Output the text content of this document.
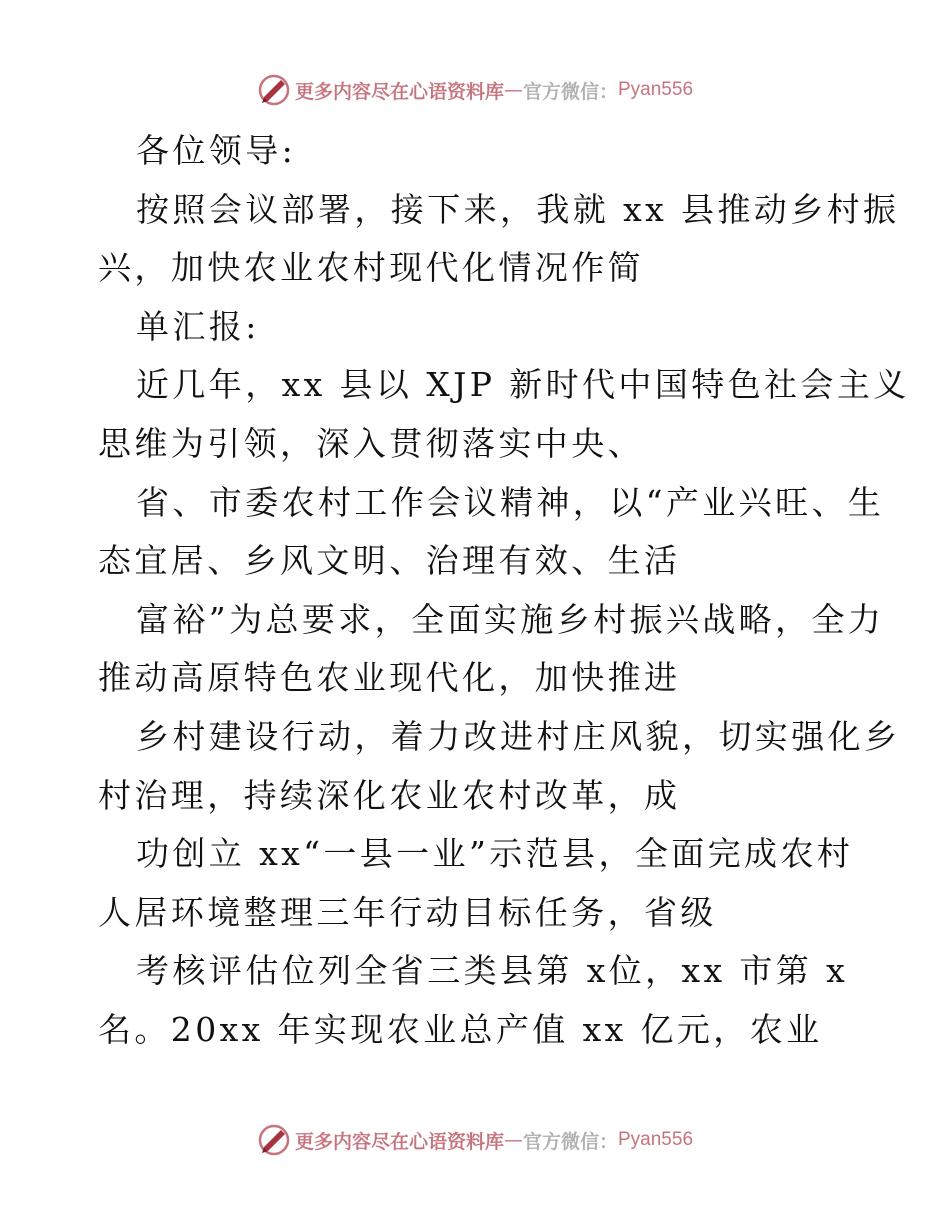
更多内容尽在心语资料库 — 官方微信： Pyan556
各位领导:
按照会议部署，接下来，我就 xx 县推动乡村振
兴，加快农业农村现代化情况作简
单汇报:
近几年，xx 县以 XJP 新时代中国特色社会主义
思维为引领，深入贯彻落实中央、
省、市委农村工作会议精神，以“产业兴旺、生
态宜居、乡风文明、治理有效、生活
富裕”为总要求，全面实施乡村振兴战略，全力
推动高原特色农业现代化，加快推进
乡村建设行动，着力改进村庄风貌，切实强化乡
村治理，持续深化农业农村改革，成
功创立 xx“一县一业”示范县，全面完成农村
人居环境整理三年行动目标任务，省级
考核评估位列全省三类县第 x位，xx 市第 x
名。20xx 年实现农业总产值 xx 亿元，农业
更多内容尽在心语资料库 — 官方微信： Pyan556
